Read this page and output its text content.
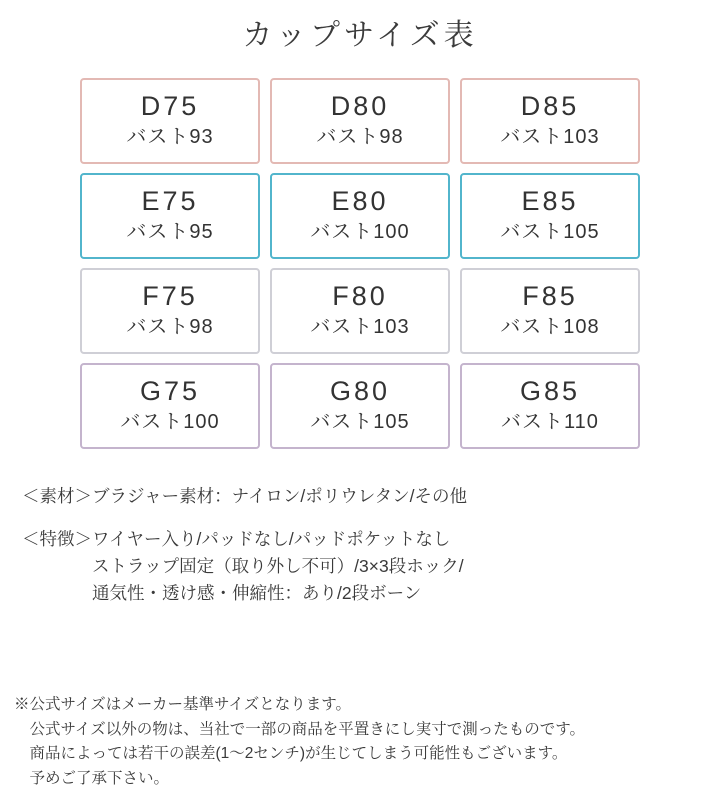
カップサイズ表
D75
バスト93
D80
バスト98
D85
バスト103
E75
バスト95
E80
バスト100
E85
バスト105
F75
バスト98
F80
バスト103
F85
バスト108
G75
バスト100
G80
バスト105
G85
バスト110
＜素材＞ブラジャー素材：ナイロン/ポリウレタン/その他
＜特徴＞ワイヤー入り/パッドなし/パッドポケットなし
　　　　ストラップ固定（取り外し不可）/3×3段ホック/
　　　　通気性・透け感・伸縮性：あり/2段ボーン
※公式サイズはメーカー基準サイズとなります。
　公式サイズ以外の物は、当社で一部の商品を平置きにし実寸で測ったものです。
　商品によっては若干の誤差(1〜2センチ)が生じてしまう可能性もございます。
　予めご了承下さい。
